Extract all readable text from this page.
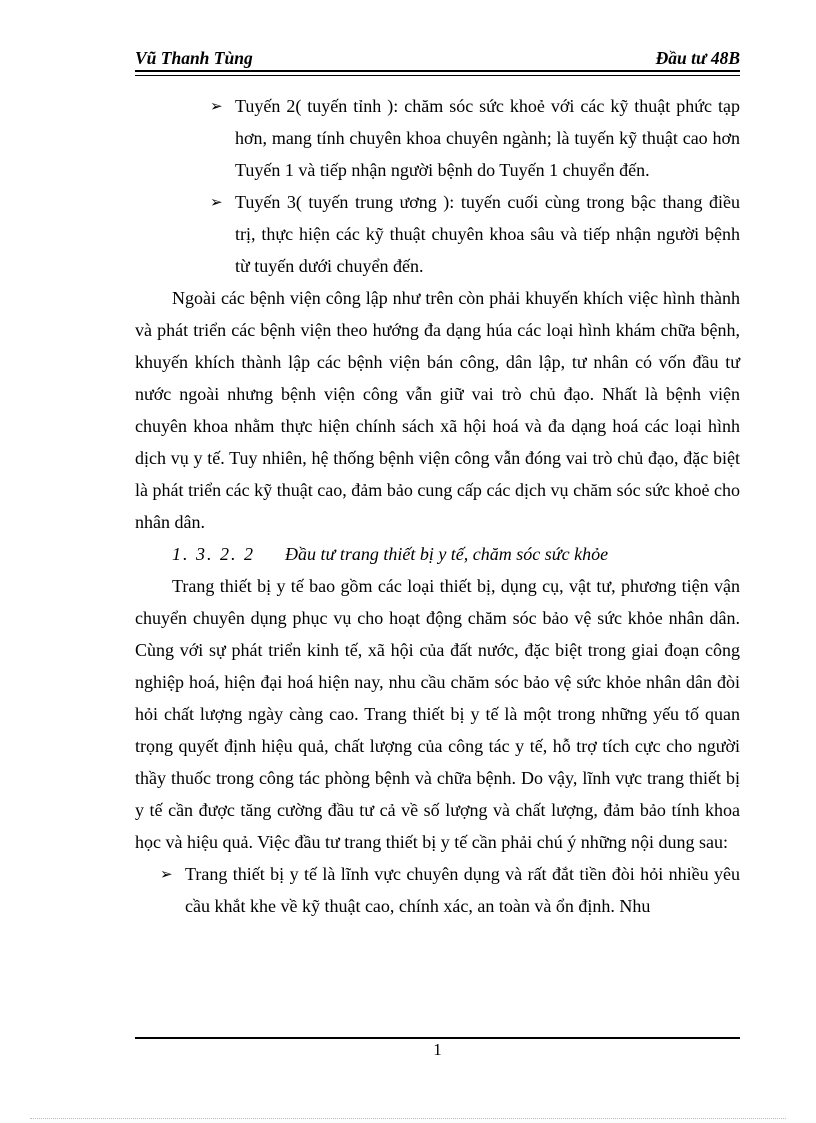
Vũ Thanh Tùng	Đầu tư 48B
➢ Tuyến 2( tuyến tỉnh ): chăm sóc sức khoẻ với các kỹ thuật phức tạp hơn, mang tính chuyên khoa chuyên ngành; là tuyến kỹ thuật cao hơn Tuyến 1 và tiếp nhận người bệnh do Tuyến 1 chuyển đến.
➢ Tuyến 3( tuyến trung ương ): tuyến cuối cùng trong bậc thang điều trị, thực hiện các kỹ thuật chuyên khoa sâu và tiếp nhận người bệnh từ tuyến dưới chuyển đến.

Ngoài các bệnh viện công lập như trên còn phải khuyến khích việc hình thành và phát triển các bệnh viện theo hướng đa dạng húa các loại hình khám chữa bệnh, khuyến khích thành lập các bệnh viện bán công, dân lập, tư nhân có vốn đầu tư nước ngoài nhưng bệnh viện công vẫn giữ vai trò chủ đạo. Nhất là bệnh viện chuyên khoa nhằm thực hiện chính sách xã hội hoá và đa dạng hoá các loại hình dịch vụ y tế. Tuy nhiên, hệ thống bệnh viện công vẫn đóng vai trò chủ đạo, đặc biệt là phát triển các kỹ thuật cao, đảm bảo cung cấp các dịch vụ chăm sóc sức khoẻ cho nhân dân.

1. 3. 2. 2 Đầu tư trang thiết bị y tế, chăm sóc sức khỏe

Trang thiết bị y tế bao gồm các loại thiết bị, dụng cụ, vật tư, phương tiện vận chuyển chuyên dụng phục vụ cho hoạt động chăm sóc bảo vệ sức khỏe nhân dân. Cùng với sự phát triển kinh tế, xã hội của đất nước, đặc biệt trong giai đoạn công nghiệp hoá, hiện đại hoá hiện nay, nhu cầu chăm sóc bảo vệ sức khỏe nhân dân đòi hỏi chất lượng ngày càng cao. Trang thiết bị y tế là một trong những yếu tố quan trọng quyết định hiệu quả, chất lượng của công tác y tế, hỗ trợ tích cực cho người thầy thuốc trong công tác phòng bệnh và chữa bệnh. Do vậy, lĩnh vực trang thiết bị y tế cần được tăng cường đầu tư cả về số lượng và chất lượng, đảm bảo tính khoa học và hiệu quả. Việc đầu tư trang thiết bị y tế cần phải chú ý những nội dung sau:

➢ Trang thiết bị y tế là lĩnh vực chuyên dụng và rất đắt tiền đòi hỏi nhiều yêu cầu khắt khe về kỹ thuật cao, chính xác, an toàn và ổn định. Nhu
1
